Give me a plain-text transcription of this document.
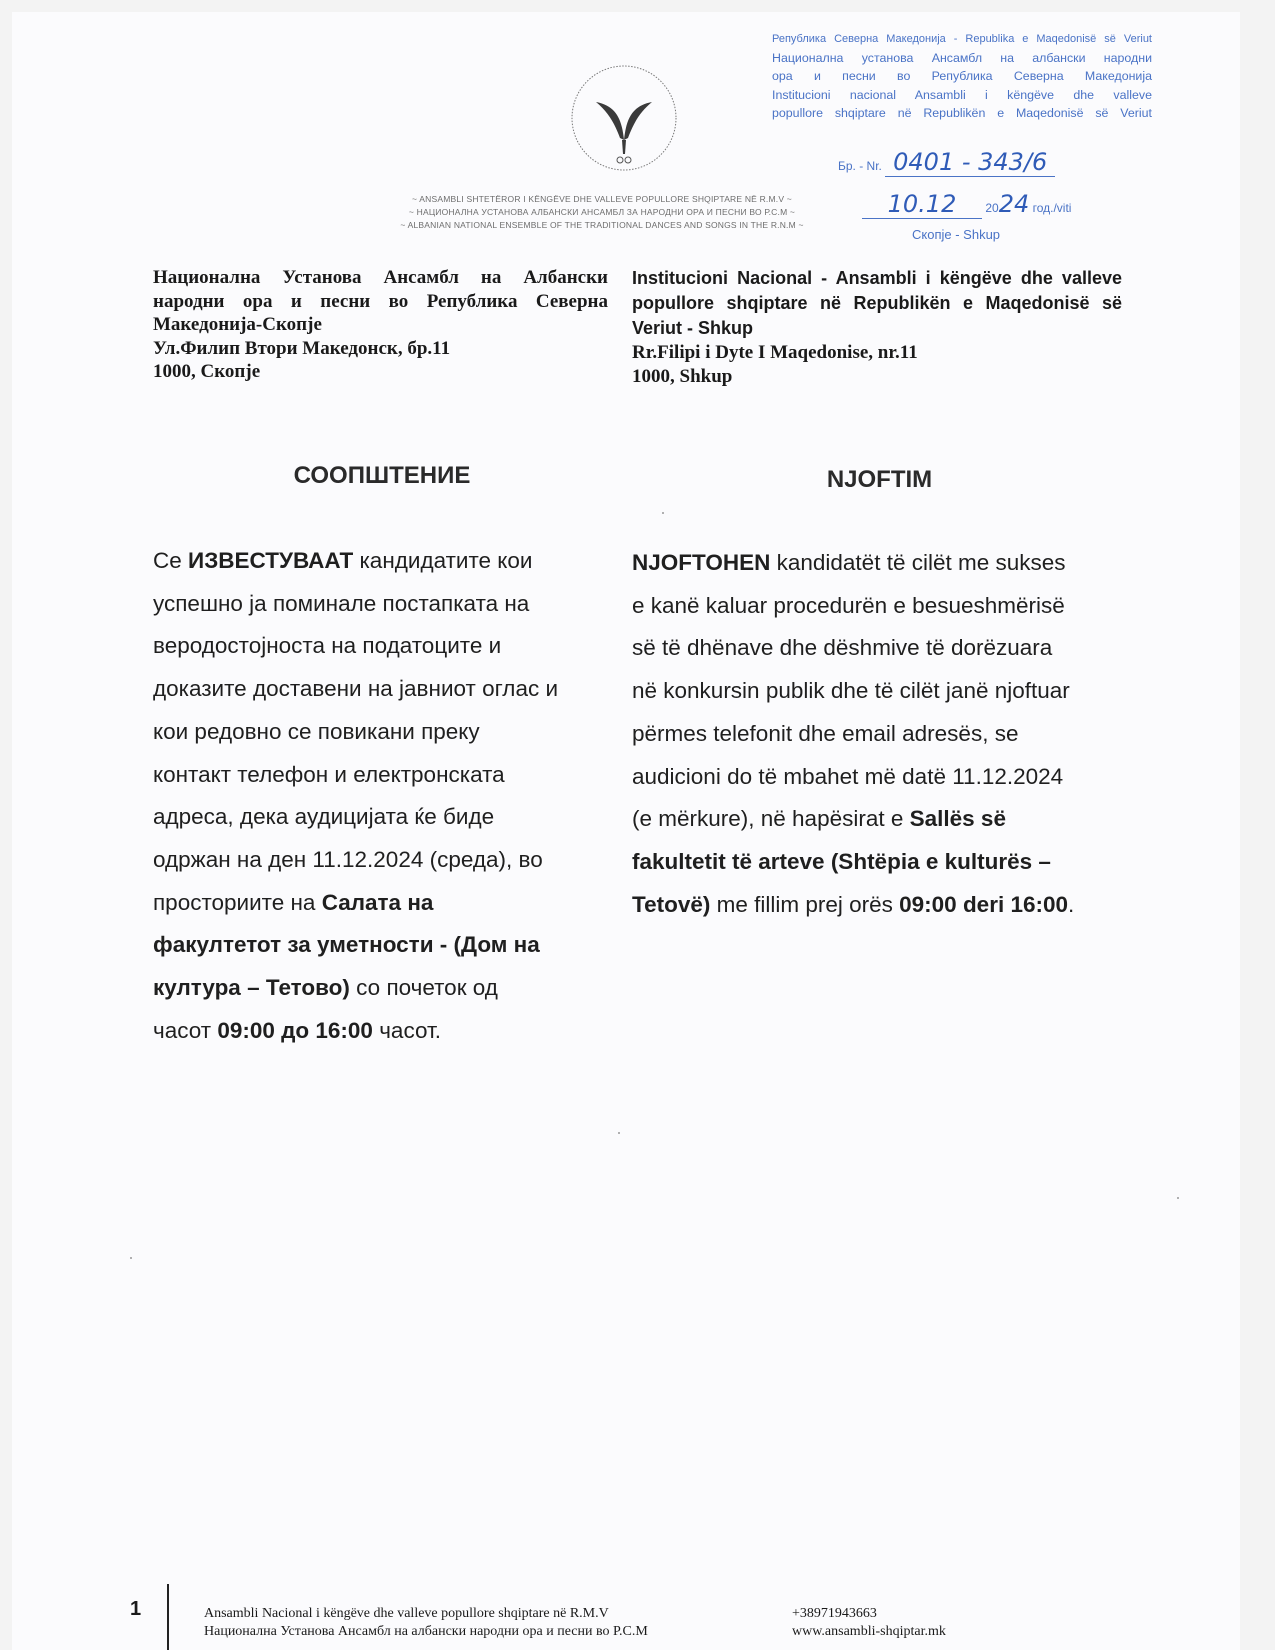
~ ANSAMBLI SHTETËROR I KËNGËVE DHE VALLEVE POPULLORE SHQIPTARE NË R.M.V ~
~ НАЦИОНАЛНА УСТАНОВА АЛБАНСКИ АНСАМБЛ ЗА НАРОДНИ ОРА И ПЕСНИ ВО Р.С.М ~
~ ALBANIAN NATIONAL ENSEMBLE OF THE TRADITIONAL DANCES AND SONGS IN THE R.N.M ~
Република Северна Македонија - Republika e Maqedonisë së Veriut
Национална установа Ансамбл на албански народни
ора и песни во Република Северна Македонија
Institucioni nacional Ansambli i këngëve dhe valleve
popullore shqiptare në Republikën e Maqedonisë së Veriut
Бр. - Nr. 0401 - 343/6
10.12 2024 год./viti
Скопје - Shkup
Национална Установа Ансамбл на Албански
народни ора и песни во Република Северна
Македонија-Скопје
Ул.Филип Втори Македонск, бр.11
1000, Скопје
Institucioni Nacional - Ansambli i këngëve dhe valleve
popullore shqiptare në Republikën e Maqedonisë së
Veriut - Shkup
Rr.Filipi i Dyte I Maqedonise, nr.11
1000, Shkup
СООПШТЕНИЕ	NJOFTIM
Се ИЗВЕСТУВААТ кандидатите кои
успешно ја поминале постапката на
веродостојноста на податоците и
доказите доставени на јавниот оглас и
кои редовно се повикани преку
контакт телефон и електронската
адреса, дека аудицијата ќе биде
одржан на ден 11.12.2024 (среда), во
просториите на Салата на
факултетот за уметности - (Дом на
култура – Тетово) со почеток од
часот 09:00 до 16:00 часот.
NJOFTOHEN kandidatët të cilët me sukses
e kanë kaluar procedurën e besueshmërisë
së të dhënave dhe dëshmive të dorëzuara
në konkursin publik dhe të cilët janë njoftuar
përmes telefonit dhe email adresës, se
audicioni do të mbahet më datë 11.12.2024
(e mërkure), në hapësirat e Sallës së
fakultetit të arteve (Shtëpia e kulturës –
Tetovë) me fillim prej orës 09:00 deri 16:00.
1	Ansambli Nacional i këngëve dhe valleve popullore shqiptare në R.M.V
Национална Установа Ансамбл на албански народни ора и песни во Р.С.М
+38971943663
www.ansambli-shqiptar.mk
